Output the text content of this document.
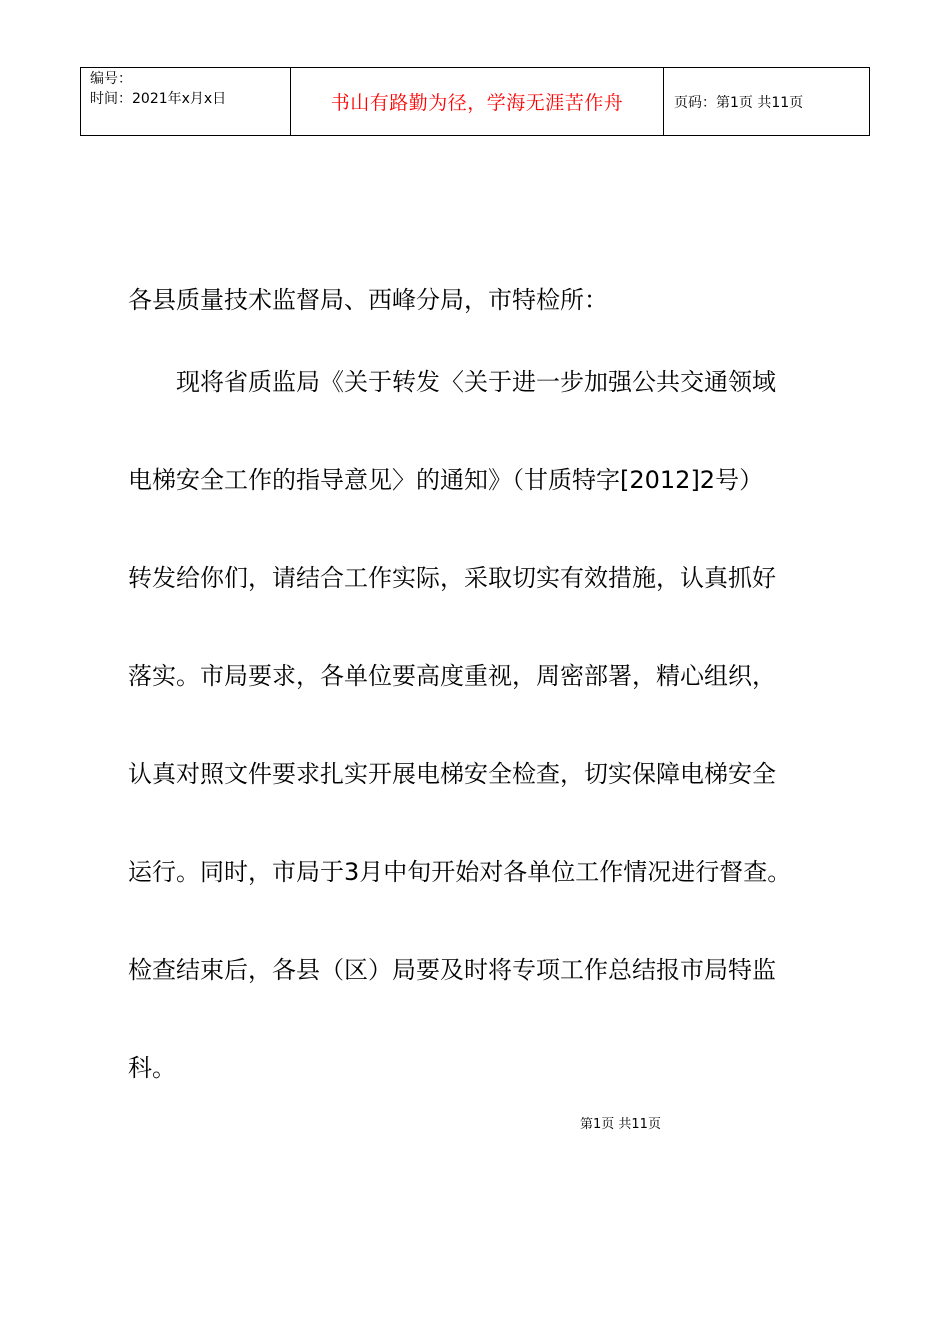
编号：
时间：2021年x月x日	书山有路勤为径，学海无涯苦作舟	页码：第1页 共11页
各县质量技术监督局、西峰分局，市特检所：
　　现将省质监局《关于转发〈关于进一步加强公共交通领域
电梯安全工作的指导意见〉的通知》（甘质特字[2012]2号）
转发给你们，请结合工作实际，采取切实有效措施，认真抓好
落实。市局要求，各单位要高度重视，周密部署，精心组织，
认真对照文件要求扎实开展电梯安全检查，切实保障电梯安全
运行。同时，市局于3月中旬开始对各单位工作情况进行督查。
检查结束后，各县（区）局要及时将专项工作总结报市局特监
科。
第1页 共11页
